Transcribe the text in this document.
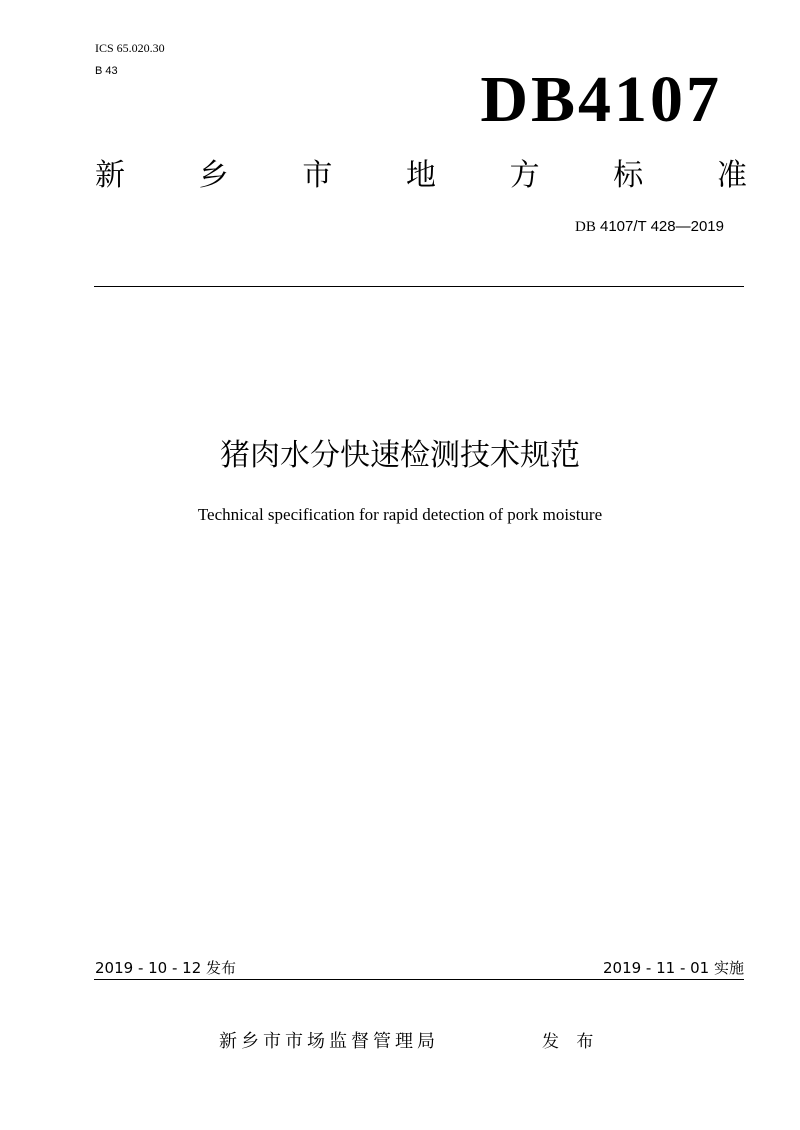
ICS 65.020.30
B 43	DB4107
新 乡 市 地 方 标 准
DB 4107/T 428—2019
猪肉水分快速检测技术规范
Technical specification for rapid detection of pork moisture
2019 - 10 - 12 发布	2019 - 11 - 01 实施
新乡市市场监督管理局	发 布
